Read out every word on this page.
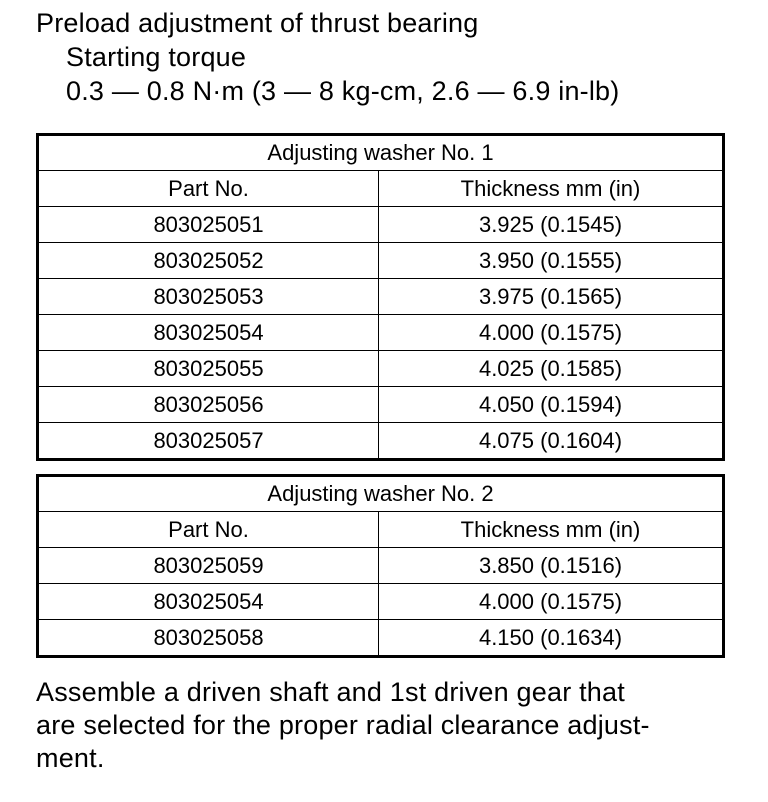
Preload adjustment of thrust bearing
Starting torque
0.3 — 0.8 N·m (3 — 8 kg-cm, 2.6 — 6.9 in-lb)
Adjusting washer No. 1	
Part No.	Thickness mm (in)
803025051	3.925 (0.1545)
803025052	3.950 (0.1555)
803025053	3.975 (0.1565)
803025054	4.000 (0.1575)
803025055	4.025 (0.1585)
803025056	4.050 (0.1594)
803025057	4.075 (0.1604)
Adjusting washer No. 2	
Part No.	Thickness mm (in)
803025059	3.850 (0.1516)
803025054	4.000 (0.1575)
803025058	4.150 (0.1634)
Assemble a driven shaft and 1st driven gear that
are selected for the proper radial clearance adjust-
ment.
